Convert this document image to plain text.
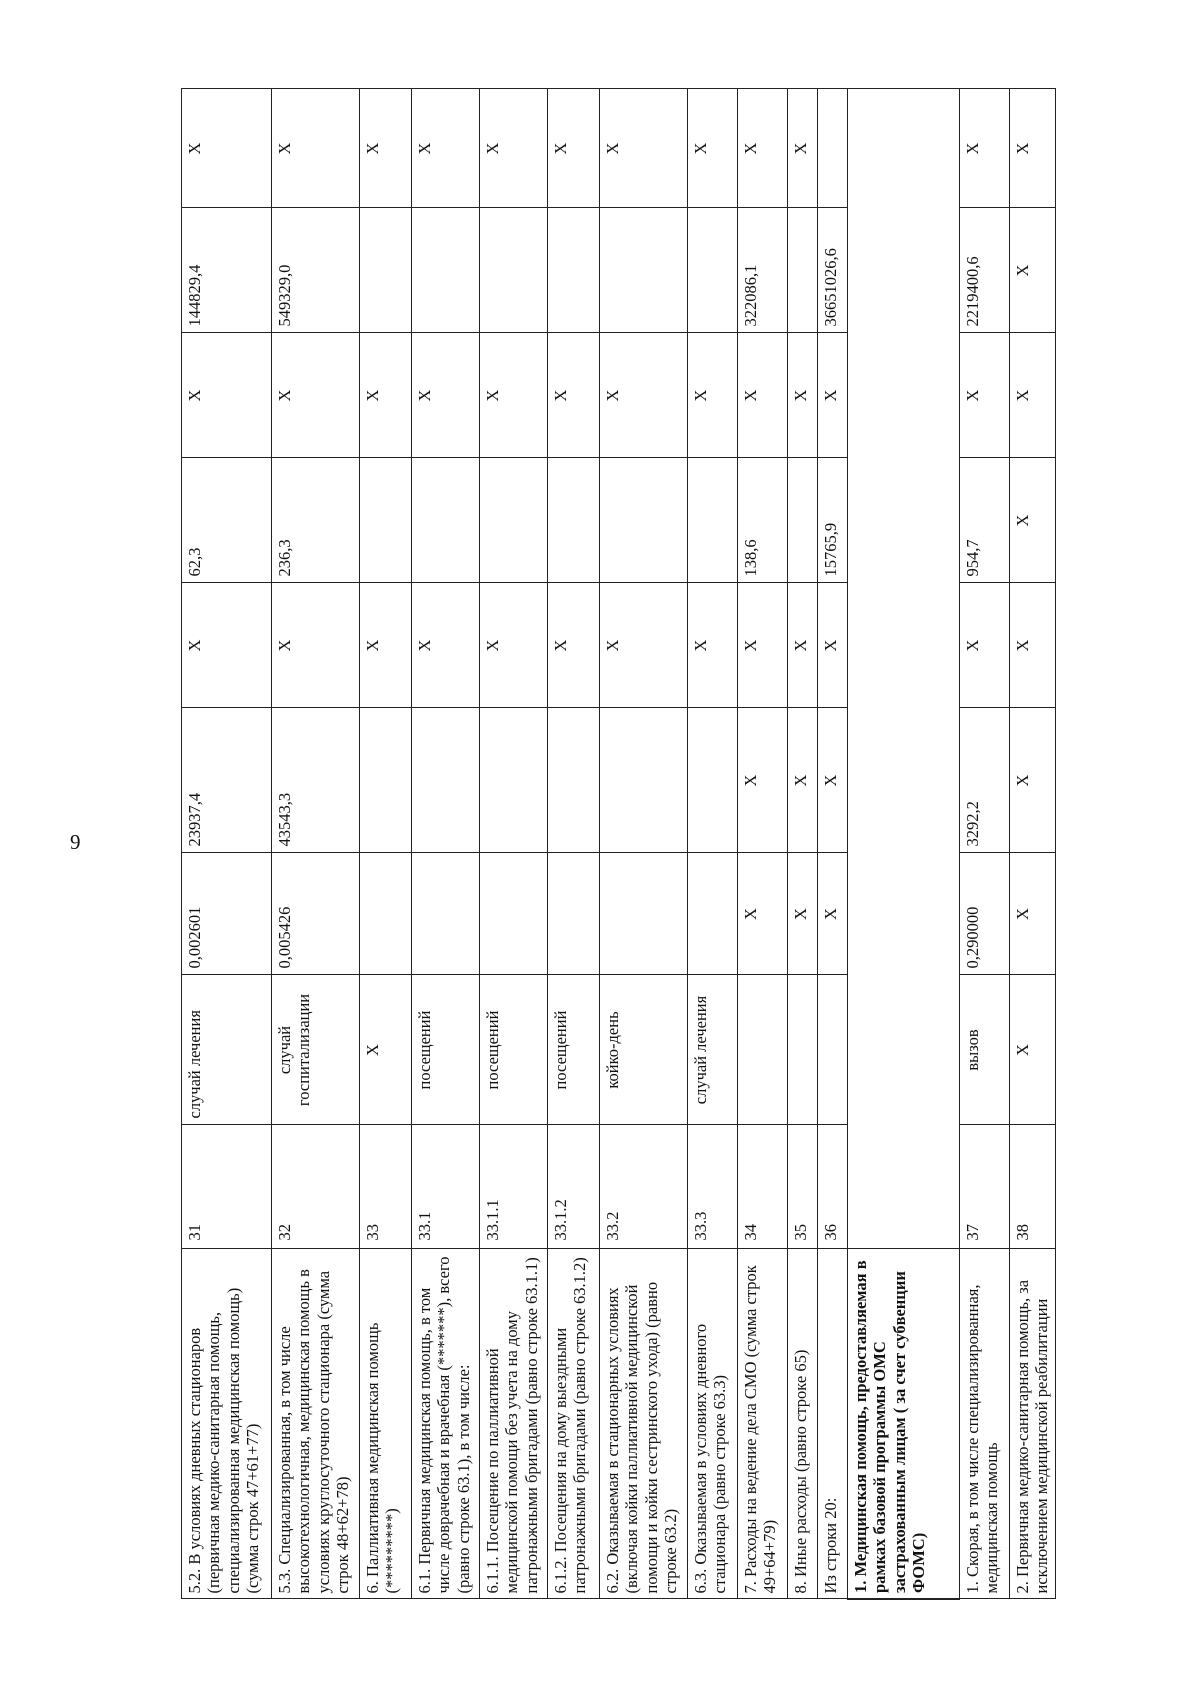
9
5.2. В условиях дневных стационаров (первичная медико-санитарная помощь, специализированная медицинская помощь) (сумма строк 47+61+77)	31	случай лечения	0,002601	23937,4	Х	62,3	Х	144829,4	Х
5.3. Специализированная, в том числе высокотехнологичная, медицинская помощь в условиях круглосуточного стационара (сумма строк 48+62+78)	32	случай госпитализации	0,005426	43543,3	Х	236,3	Х	549329,0	Х
6. Паллиативная медицинская помощь (*********)	33	Х			Х		Х		Х
6.1. Первичная медицинская помощь, в том числе доврачебная и врачебная (*******), всего (равно строке 63.1), в том числе:	33.1	посещений			Х		Х		Х
6.1.1. Посещение по паллиативной медицинской помощи без учета на дому патронажными бригадами (равно строке 63.1.1)	33.1.1	посещений			Х		Х		Х
6.1.2. Посещения на дому выездными патронажными бригадами (равно строке 63.1.2)	33.1.2	посещений			Х		Х		Х
6.2. Оказываемая в стационарных условиях (включая койки паллиативной медицинской помощи и койки сестринского ухода) (равно строке 63.2)	33.2	койко-день			Х		Х		Х
6.3. Оказываемая в условиях дневного стационара (равно строке 63.3)	33.3	случай лечения			Х		Х		Х
7. Расходы на ведение дела СМО (сумма строк 49+64+79)	34		Х	Х	Х	138,6	Х	322086,1	Х
8. Иные расходы (равно строке 65)	35		Х	Х	Х		Х		Х
Из строки 20:	36		Х	Х	Х	15765,9	Х	36651026,6	
1. Медицинская помощь, предоставляемая в рамках базовой программы ОМС застрахованным лицам ( за счет субвенции ФОМС)									
1. Скорая, в том числе специализированная, медицинская помощь	37	вызов	0,290000	3292,2	Х	954,7	Х	2219400,6	Х
2. Первичная медико-санитарная помощь, за исключением медицинской реабилитации	38	Х	Х	Х	Х	Х	Х	Х	Х
